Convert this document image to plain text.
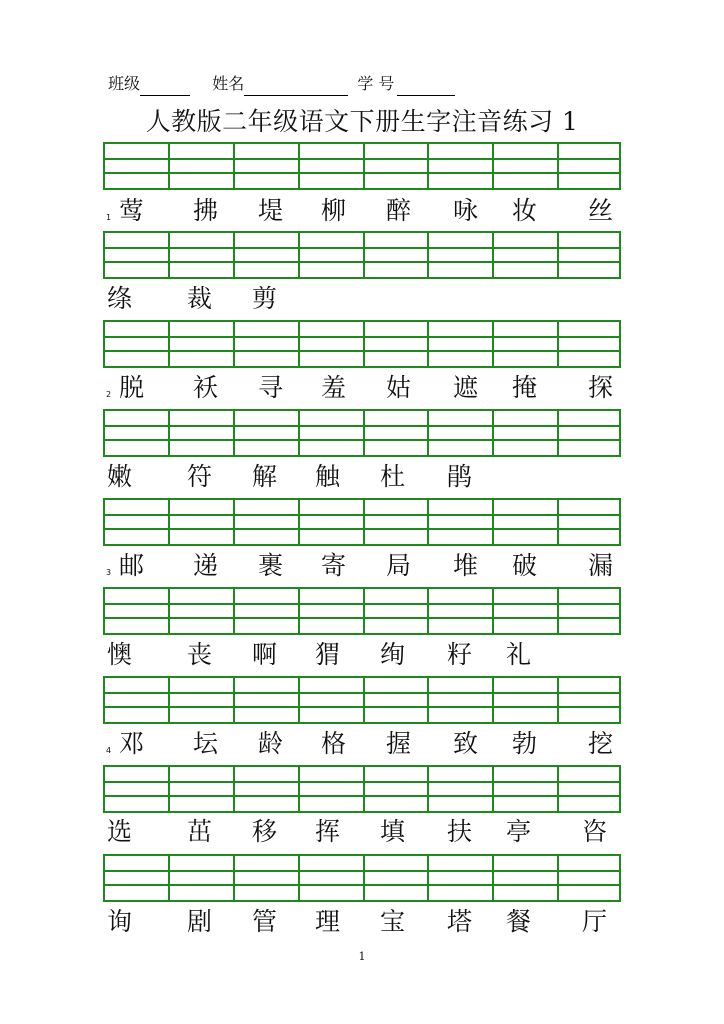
班级	姓名	学 号
人教版二年级语文下册生字注音练习 1
1 莺 拂 堤 柳 醉 咏 妆 丝
绦 裁 剪
2 脱 袄 寻 羞 姑 遮 掩 探
嫩 符 解 触 杜 鹃
3 邮 递 裹 寄 局 堆 破 漏
懊 丧 啊 猬 绚 籽 礼
4 邓 坛 龄 格 握 致 勃 挖
选 茁 移 挥 填 扶 亭 咨
询 剧 管 理 宝 塔 餐 厅
1
